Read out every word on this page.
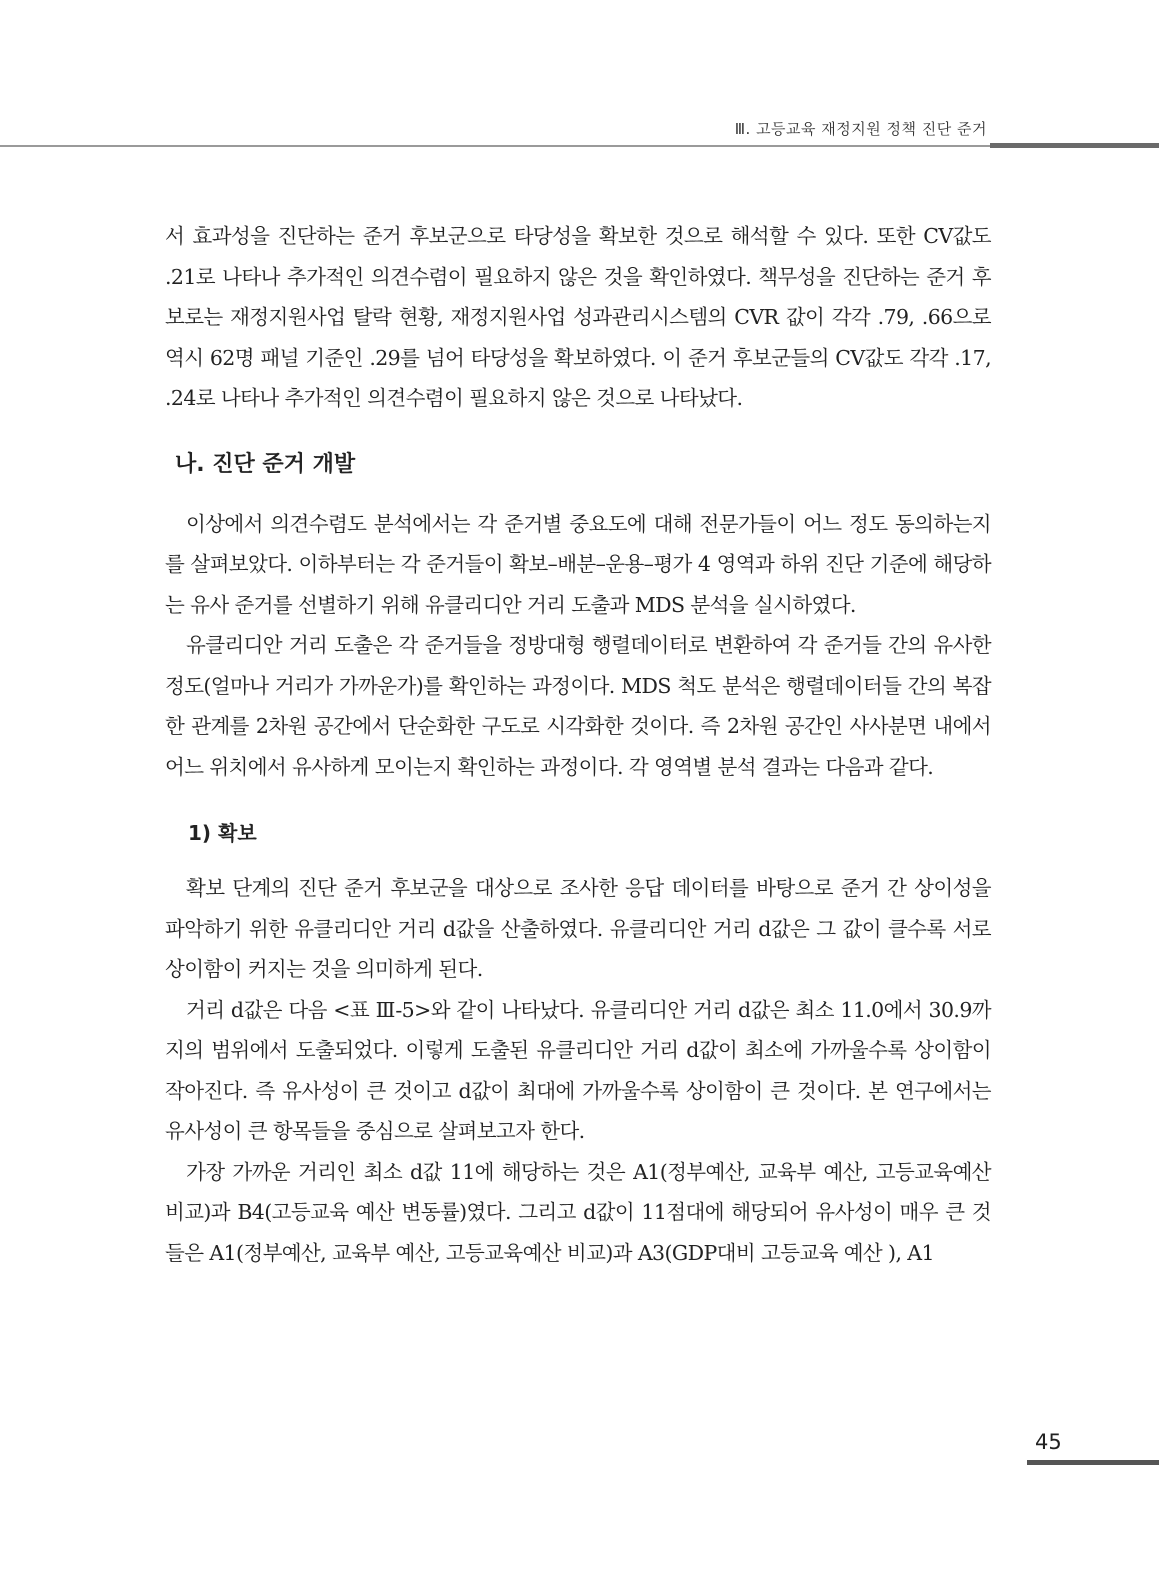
Ⅲ. 고등교육 재정지원 정책 진단 준거

서 효과성을 진단하는 준거 후보군으로 타당성을 확보한 것으로 해석할 수 있다. 또한 CV값도 .21로 나타나 추가적인 의견수렴이 필요하지 않은 것을 확인하였다. 책무성을 진단하는 준거 후보로는 재정지원사업 탈락 현황, 재정지원사업 성과관리시스템의 CVR 값이 각각 .79, .66으로 역시 62명 패널 기준인 .29를 넘어 타당성을 확보하였다. 이 준거 후보군들의 CV값도 각각 .17, .24로 나타나 추가적인 의견수렴이 필요하지 않은 것으로 나타났다.

나. 진단 준거 개발

이상에서 의견수렴도 분석에서는 각 준거별 중요도에 대해 전문가들이 어느 정도 동의하는지를 살펴보았다. 이하부터는 각 준거들이 확보–배분–운용–평가 4 영역과 하위 진단 기준에 해당하는 유사 준거를 선별하기 위해 유클리디안 거리 도출과 MDS 분석을 실시하였다.

유클리디안 거리 도출은 각 준거들을 정방대형 행렬데이터로 변환하여 각 준거들 간의 유사한 정도(얼마나 거리가 가까운가)를 확인하는 과정이다. MDS 척도 분석은 행렬데이터들 간의 복잡한 관계를 2차원 공간에서 단순화한 구도로 시각화한 것이다. 즉 2차원 공간인 사사분면 내에서 어느 위치에서 유사하게 모이는지 확인하는 과정이다. 각 영역별 분석 결과는 다음과 같다.

1) 확보

확보 단계의 진단 준거 후보군을 대상으로 조사한 응답 데이터를 바탕으로 준거 간 상이성을 파악하기 위한 유클리디안 거리 d값을 산출하였다. 유클리디안 거리 d값은 그 값이 클수록 서로 상이함이 커지는 것을 의미하게 된다.

거리 d값은 다음 <표 Ⅲ-5>와 같이 나타났다. 유클리디안 거리 d값은 최소 11.0에서 30.9까지의 범위에서 도출되었다. 이렇게 도출된 유클리디안 거리 d값이 최소에 가까울수록 상이함이 작아진다. 즉 유사성이 큰 것이고 d값이 최대에 가까울수록 상이함이 큰 것이다. 본 연구에서는 유사성이 큰 항목들을 중심으로 살펴보고자 한다.

가장 가까운 거리인 최소 d값 11에 해당하는 것은 A1(정부예산, 교육부 예산, 고등교육예산 비교)과 B4(고등교육 예산 변동률)였다. 그리고 d값이 11점대에 해당되어 유사성이 매우 큰 것들은 A1(정부예산, 교육부 예산, 고등교육예산 비교)과 A3(GDP대비 고등교육 예산 ), A1

45
